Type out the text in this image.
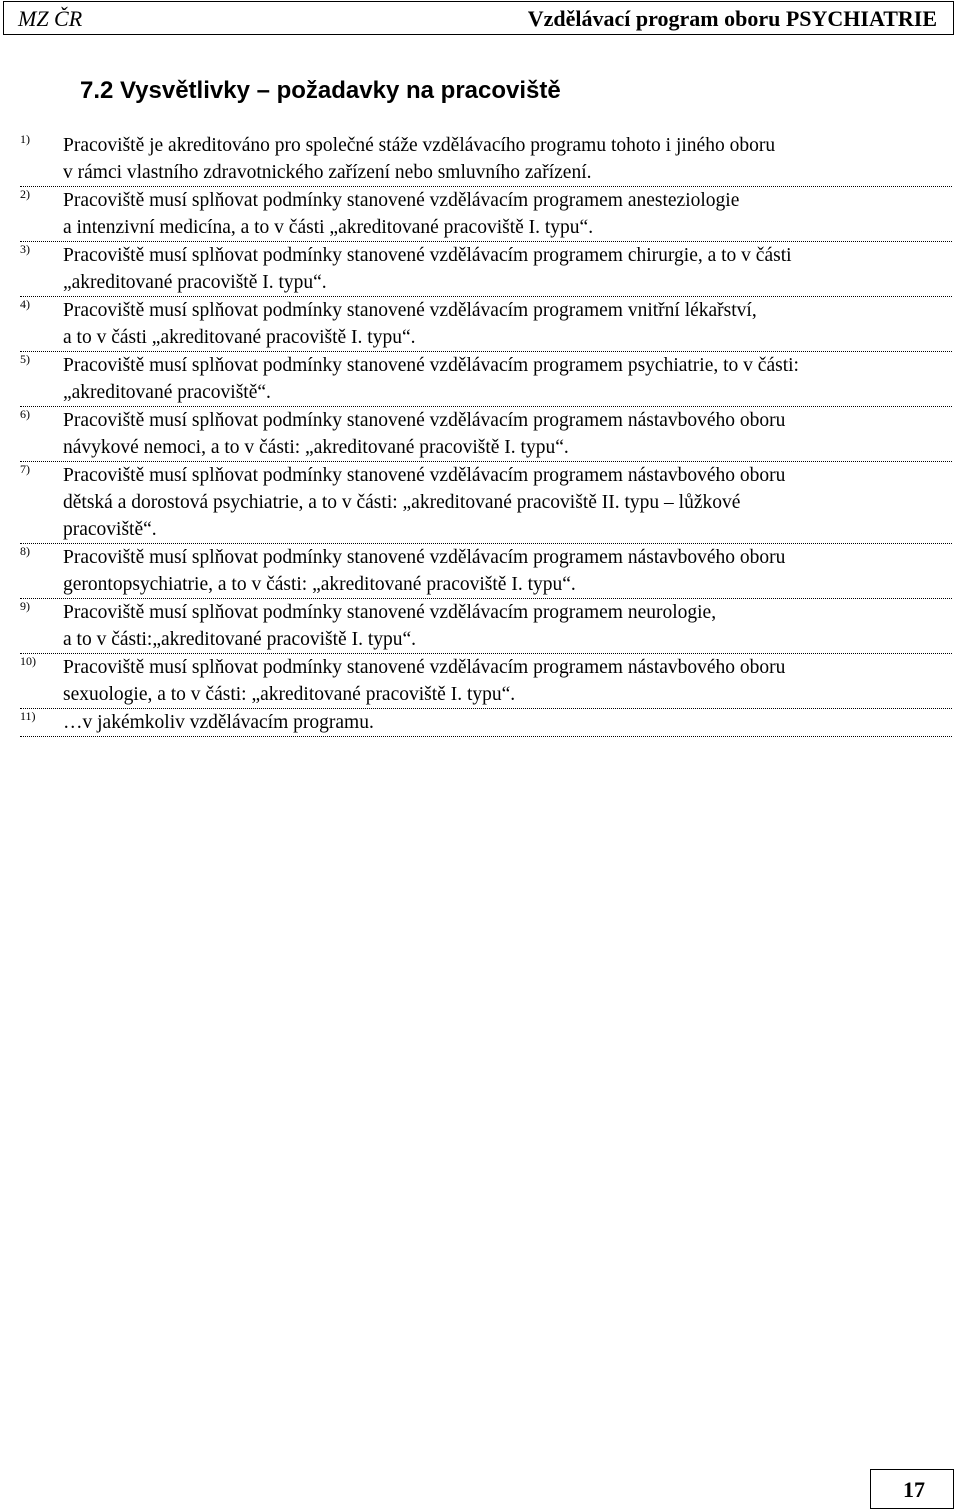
MZ ČR	Vzdělávací program oboru PSYCHIATRIE
7.2 Vysvětlivky – požadavky na pracoviště
1) Pracoviště je akreditováno pro společné stáže vzdělávacího programu tohoto i jiného oboru
v rámci vlastního zdravotnického zařízení nebo smluvního zařízení.
2) Pracoviště musí splňovat podmínky stanovené vzdělávacím programem anesteziologie
a intenzivní medicína, a to v části „akreditované pracoviště I. typu“.
3) Pracoviště musí splňovat podmínky stanovené vzdělávacím programem chirurgie, a to v části
„akreditované pracoviště I. typu“.
4) Pracoviště musí splňovat podmínky stanovené vzdělávacím programem vnitřní lékařství,
a to v části „akreditované pracoviště I. typu“.
5) Pracoviště musí splňovat podmínky stanovené vzdělávacím programem psychiatrie, to v části:
„akreditované pracoviště“.
6) Pracoviště musí splňovat podmínky stanovené vzdělávacím programem nástavbového oboru
návykové nemoci, a to v části: „akreditované pracoviště I. typu“.
7) Pracoviště musí splňovat podmínky stanovené vzdělávacím programem nástavbového oboru
dětská a dorostová psychiatrie, a to v části: „akreditované pracoviště II. typu – lůžkové
pracoviště“.
8) Pracoviště musí splňovat podmínky stanovené vzdělávacím programem nástavbového oboru
gerontopsychiatrie, a to v části: „akreditované pracoviště I. typu“.
9) Pracoviště musí splňovat podmínky stanovené vzdělávacím programem neurologie,
a to v části:„akreditované pracoviště I. typu“.
10) Pracoviště musí splňovat podmínky stanovené vzdělávacím programem nástavbového oboru
sexuologie, a to v části: „akreditované pracoviště I. typu“.
11) …v jakémkoliv vzdělávacím programu.
17
